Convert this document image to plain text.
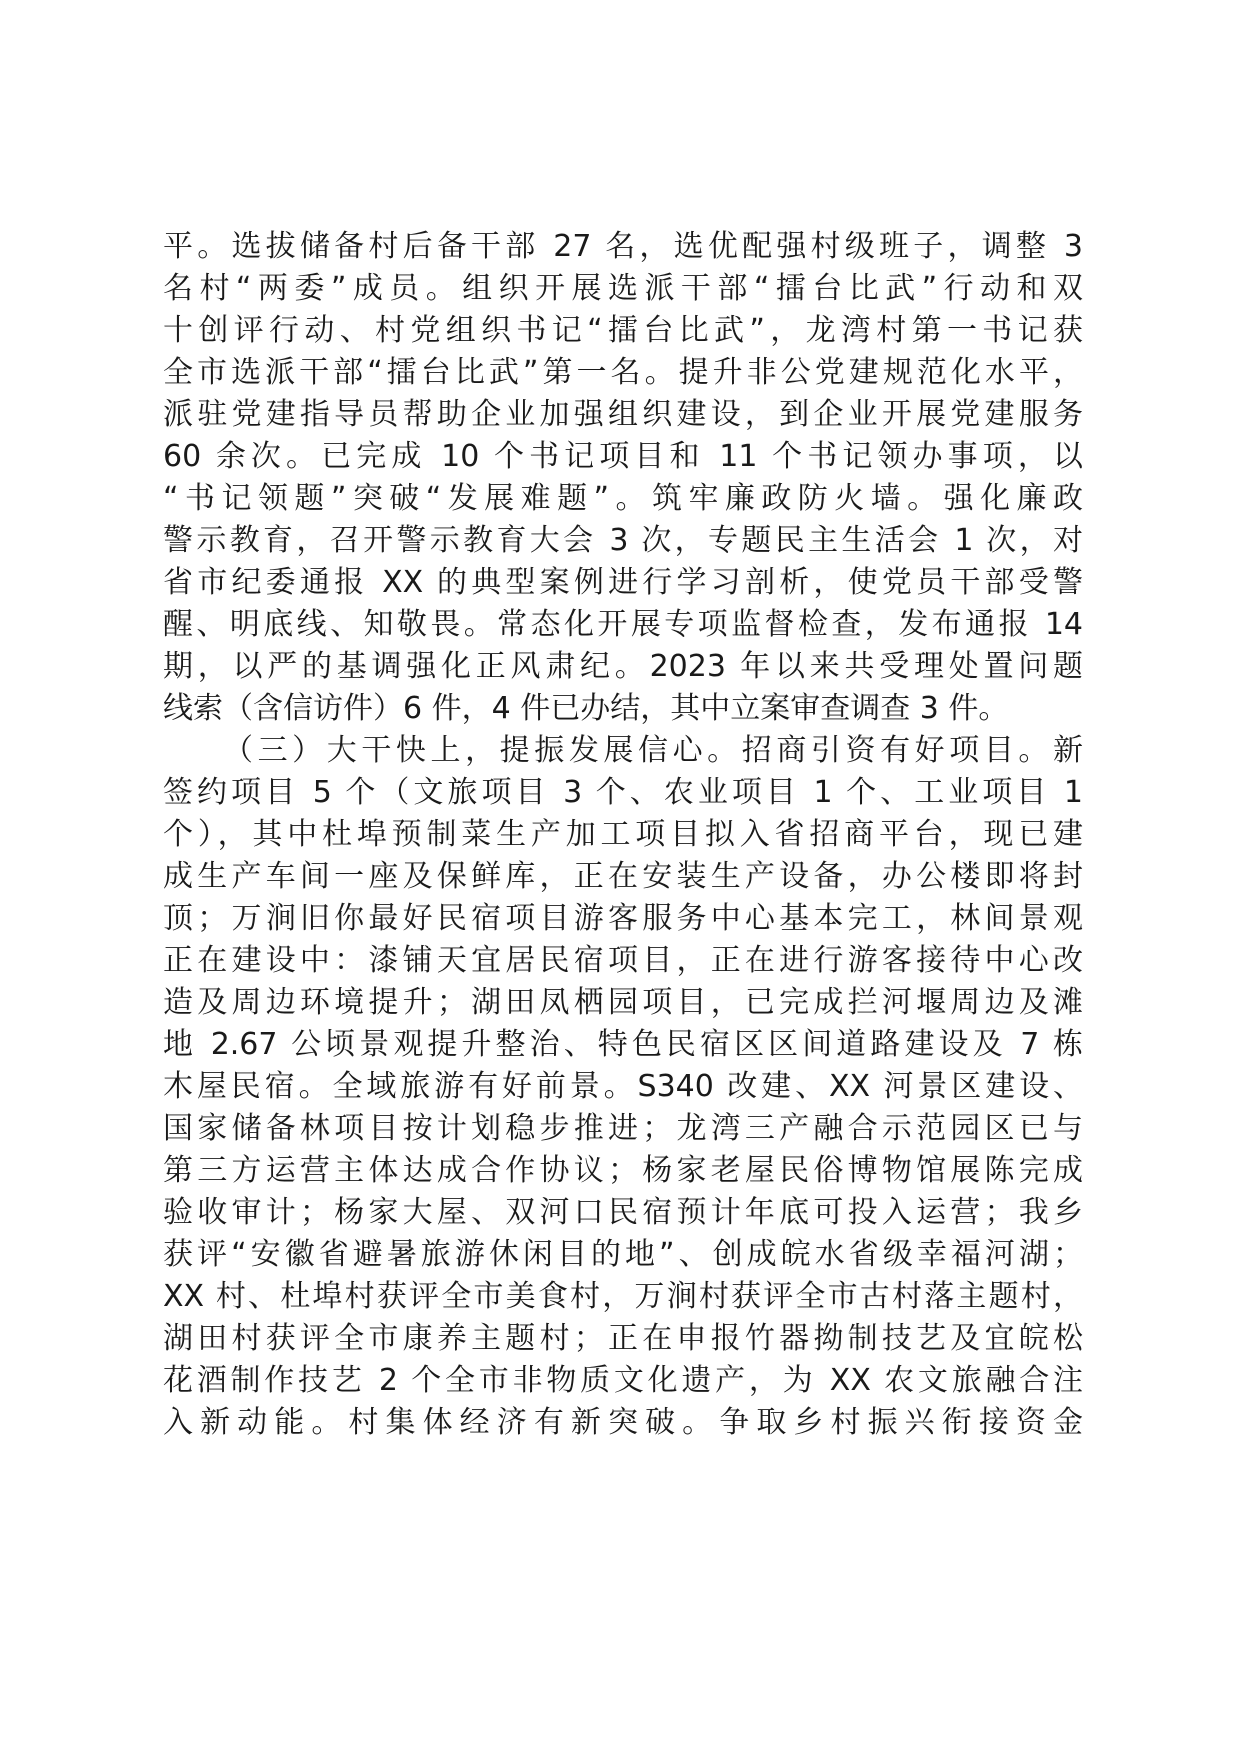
平。选拔储备村后备干部 27 名，选优配强村级班子，调整 3
名村“两委”成员。组织开展选派干部“擂台比武”行动和双
十创评行动、村党组织书记“擂台比武”，龙湾村第一书记获
全市选派干部“擂台比武”第一名。提升非公党建规范化水平，
派驻党建指导员帮助企业加强组织建设，到企业开展党建服务
60 余次。已完成 10 个书记项目和 11 个书记领办事项，以
“书记领题”突破“发展难题”。筑牢廉政防火墙。强化廉政
警示教育，召开警示教育大会 3 次，专题民主生活会 1 次，对
省市纪委通报 XX 的典型案例进行学习剖析，使党员干部受警
醒、明底线、知敬畏。常态化开展专项监督检查，发布通报 14
期，以严的基调强化正风肃纪。2023 年以来共受理处置问题
线索（含信访件）6 件，4 件已办结，其中立案审查调查 3 件。
（三）大干快上，提振发展信心。招商引资有好项目。新
签约项目 5 个（文旅项目 3 个、农业项目 1 个、工业项目 1
个），其中杜埠预制菜生产加工项目拟入省招商平台，现已建
成生产车间一座及保鲜库，正在安装生产设备，办公楼即将封
顶；万涧旧你最好民宿项目游客服务中心基本完工，林间景观
正在建设中：漆铺天宜居民宿项目，正在进行游客接待中心改
造及周边环境提升；湖田凤栖园项目，已完成拦河堰周边及滩
地 2.67 公顷景观提升整治、特色民宿区区间道路建设及 7 栋
木屋民宿。全域旅游有好前景。S340 改建、XX 河景区建设、
国家储备林项目按计划稳步推进；龙湾三产融合示范园区已与
第三方运营主体达成合作协议；杨家老屋民俗博物馆展陈完成
验收审计；杨家大屋、双河口民宿预计年底可投入运营；我乡
获评“安徽省避暑旅游休闲目的地”、创成皖水省级幸福河湖；
XX 村、杜埠村获评全市美食村，万涧村获评全市古村落主题村，
湖田村获评全市康养主题村；正在申报竹器拗制技艺及宜皖松
花酒制作技艺 2 个全市非物质文化遗产，为 XX 农文旅融合注
入新动能。村集体经济有新突破。争取乡村振兴衔接资金
